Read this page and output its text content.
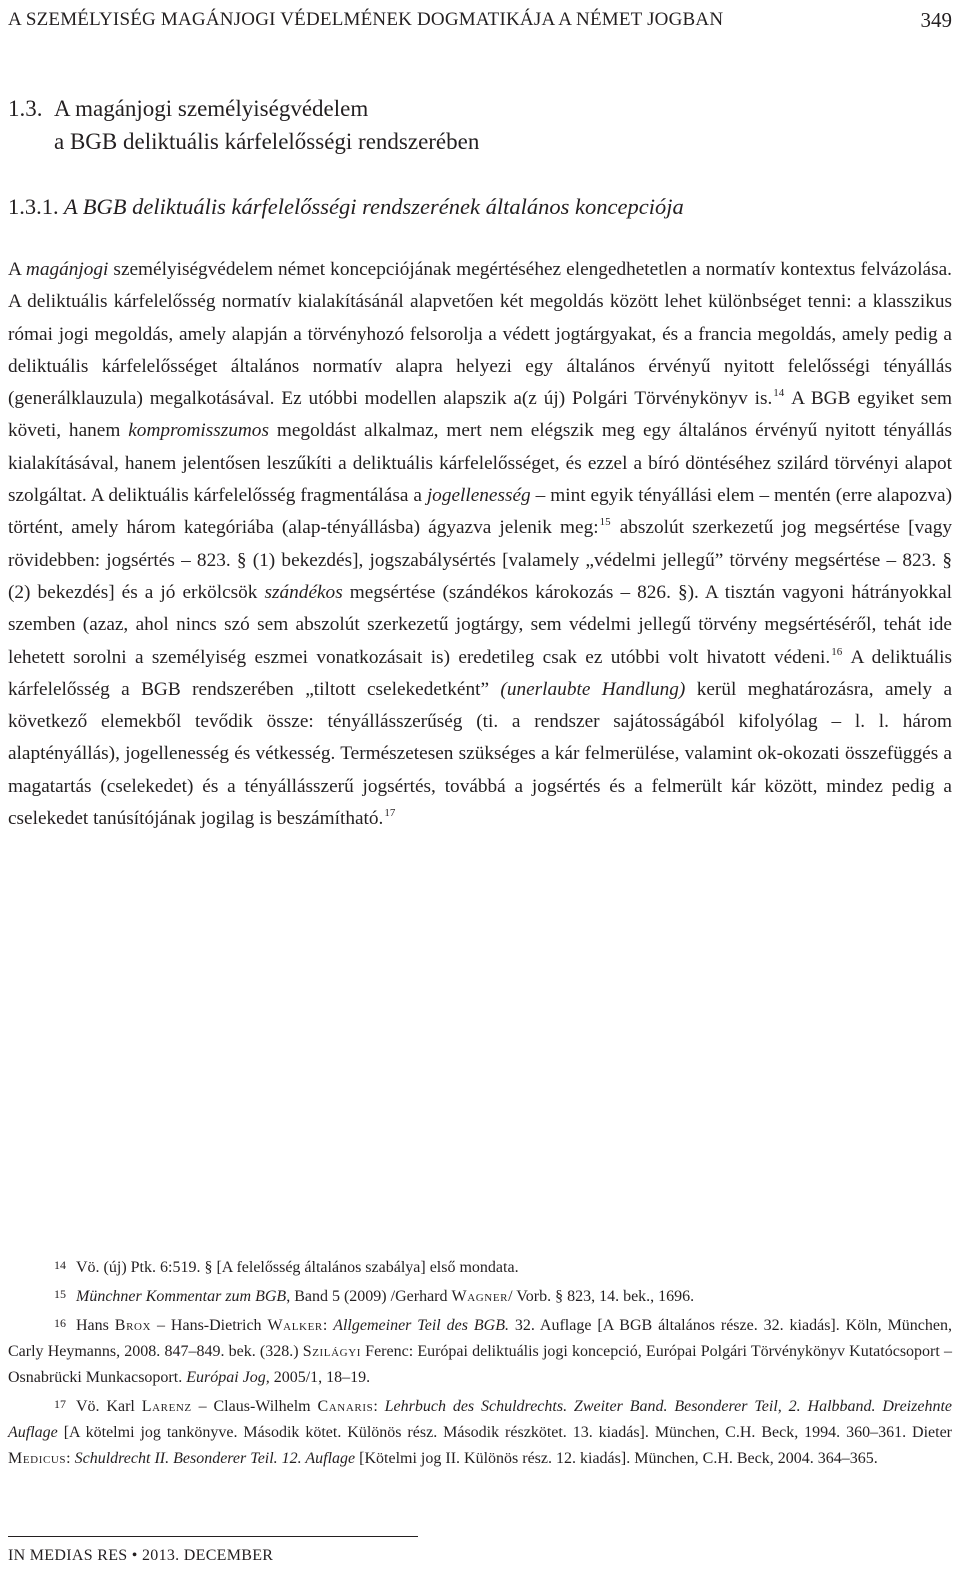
A SZEMÉLYISÉG MAGÁNJOGI VÉDELMÉNEK DOGMATIKÁJA A NÉMET JOGBAN	349
1.3. A magánjogi személyiségvédelem
a BGB deliktuális kárfelelősségi rendszerében
1.3.1. A BGB deliktuális kárfelelősségi rendszerének általános koncepciója

A magánjogi személyiségvédelem német koncepciójának megértéséhez elengedhetetlen a normatív kontextus felvázolása. A deliktuális kárfelelősség normatív kialakításánál alapvetően két megoldás között lehet különbséget tenni: a klasszikus római jogi megoldás, amely alapján a törvényhozó felsorolja a védett jogtárgyakat, és a francia megoldás, amely pedig a deliktuális kárfelelősséget általános normatív alapra helyezi egy általános érvényű nyitott felelősségi tényállás (generálklauzula) megalkotásával. Ez utóbbi modellen alapszik a(z új) Polgári Törvénykönyv is.$^{14}$ A BGB egyiket sem követi, hanem kompromisszumos megoldást alkalmaz, mert nem elégszik meg egy általános érvényű nyitott tényállás kialakításával, hanem jelentősen leszűkíti a deliktuális kárfelelősséget, és ezzel a bíró döntéséhez szilárd törvényi alapot szolgáltat. A deliktuális kárfelelősség fragmentálása a jogellenesség – mint egyik tényállási elem – mentén (erre alapozva) történt, amely három kategóriába (alap-tényállásba) ágyazva jelenik meg:$^{15}$ abszolút szerkezetű jog megsértése [vagy rövidebben: jogsértés – 823. § (1) bekezdés], jogszabálysértés [valamely „védelmi jellegű” törvény megsértése – 823. § (2) bekezdés] és a jó erkölcsök szándékos megsértése (szándékos károkozás – 826. §). A tisztán vagyoni hátrányokkal szemben (azaz, ahol nincs szó sem abszolút szerkezetű jogtárgy, sem védelmi jellegű törvény megsértéséről, tehát ide lehetett sorolni a személyiség eszmei vonatkozásait is) eredetileg csak ez utóbbi volt hivatott védeni.$^{16}$ A deliktuális kárfelelősség a BGB rendszerében „tiltott cselekedetként” (unerlaubte Handlung) kerül meghatározásra, amely a következő elemekből tevődik össze: tényállásszerűség (ti. a rendszer sajátosságából kifolyólag – l. l. három alaptényállás), jogellenesség és vétkesség. Természetesen szükséges a kár felmerülése, valamint ok-okozati összefüggés a magatartás (cselekedet) és a tényállásszerű jogsértés, továbbá a jogsértés és a felmerült kár között, mindez pedig a cselekedet tanúsítójának jogilag is beszámítható.$^{17}$

14 Vö. (új) Ptk. 6:519. § [A felelősség általános szabálya] első mondata.

15 Münchner Kommentar zum BGB, Band 5 (2009) /Gerhard Wagner/ Vorb. § 823, 14. bek., 1696.

16 Hans Brox – Hans-Dietrich Walker: Allgemeiner Teil des BGB. 32. Auflage [A BGB általános része. 32. kiadás]. Köln, München, Carly Heymanns, 2008. 847–849. bek. (328.) Szilágyi Ferenc: Európai deliktuális jogi koncepció, Európai Polgári Törvénykönyv Kutatócsoport – Osnabrücki Munkacsoport. Európai Jog, 2005/1, 18–19.

17 Vö. Karl Larenz – Claus-Wilhelm Canaris: Lehrbuch des Schuldrechts. Zweiter Band. Besonderer Teil, 2. Halbband. Dreizehnte Auflage [A kötelmi jog tankönyve. Második kötet. Különös rész. Második részkötet. 13. kiadás]. München, C.H. Beck, 1994. 360–361. Dieter Medicus: Schuldrecht II. Besonderer Teil. 12. Auflage [Kötelmi jog II. Különös rész. 12. kiadás]. München, C.H. Beck, 2004. 364–365.

IN MEDIAS RES • 2013. DECEMBER
